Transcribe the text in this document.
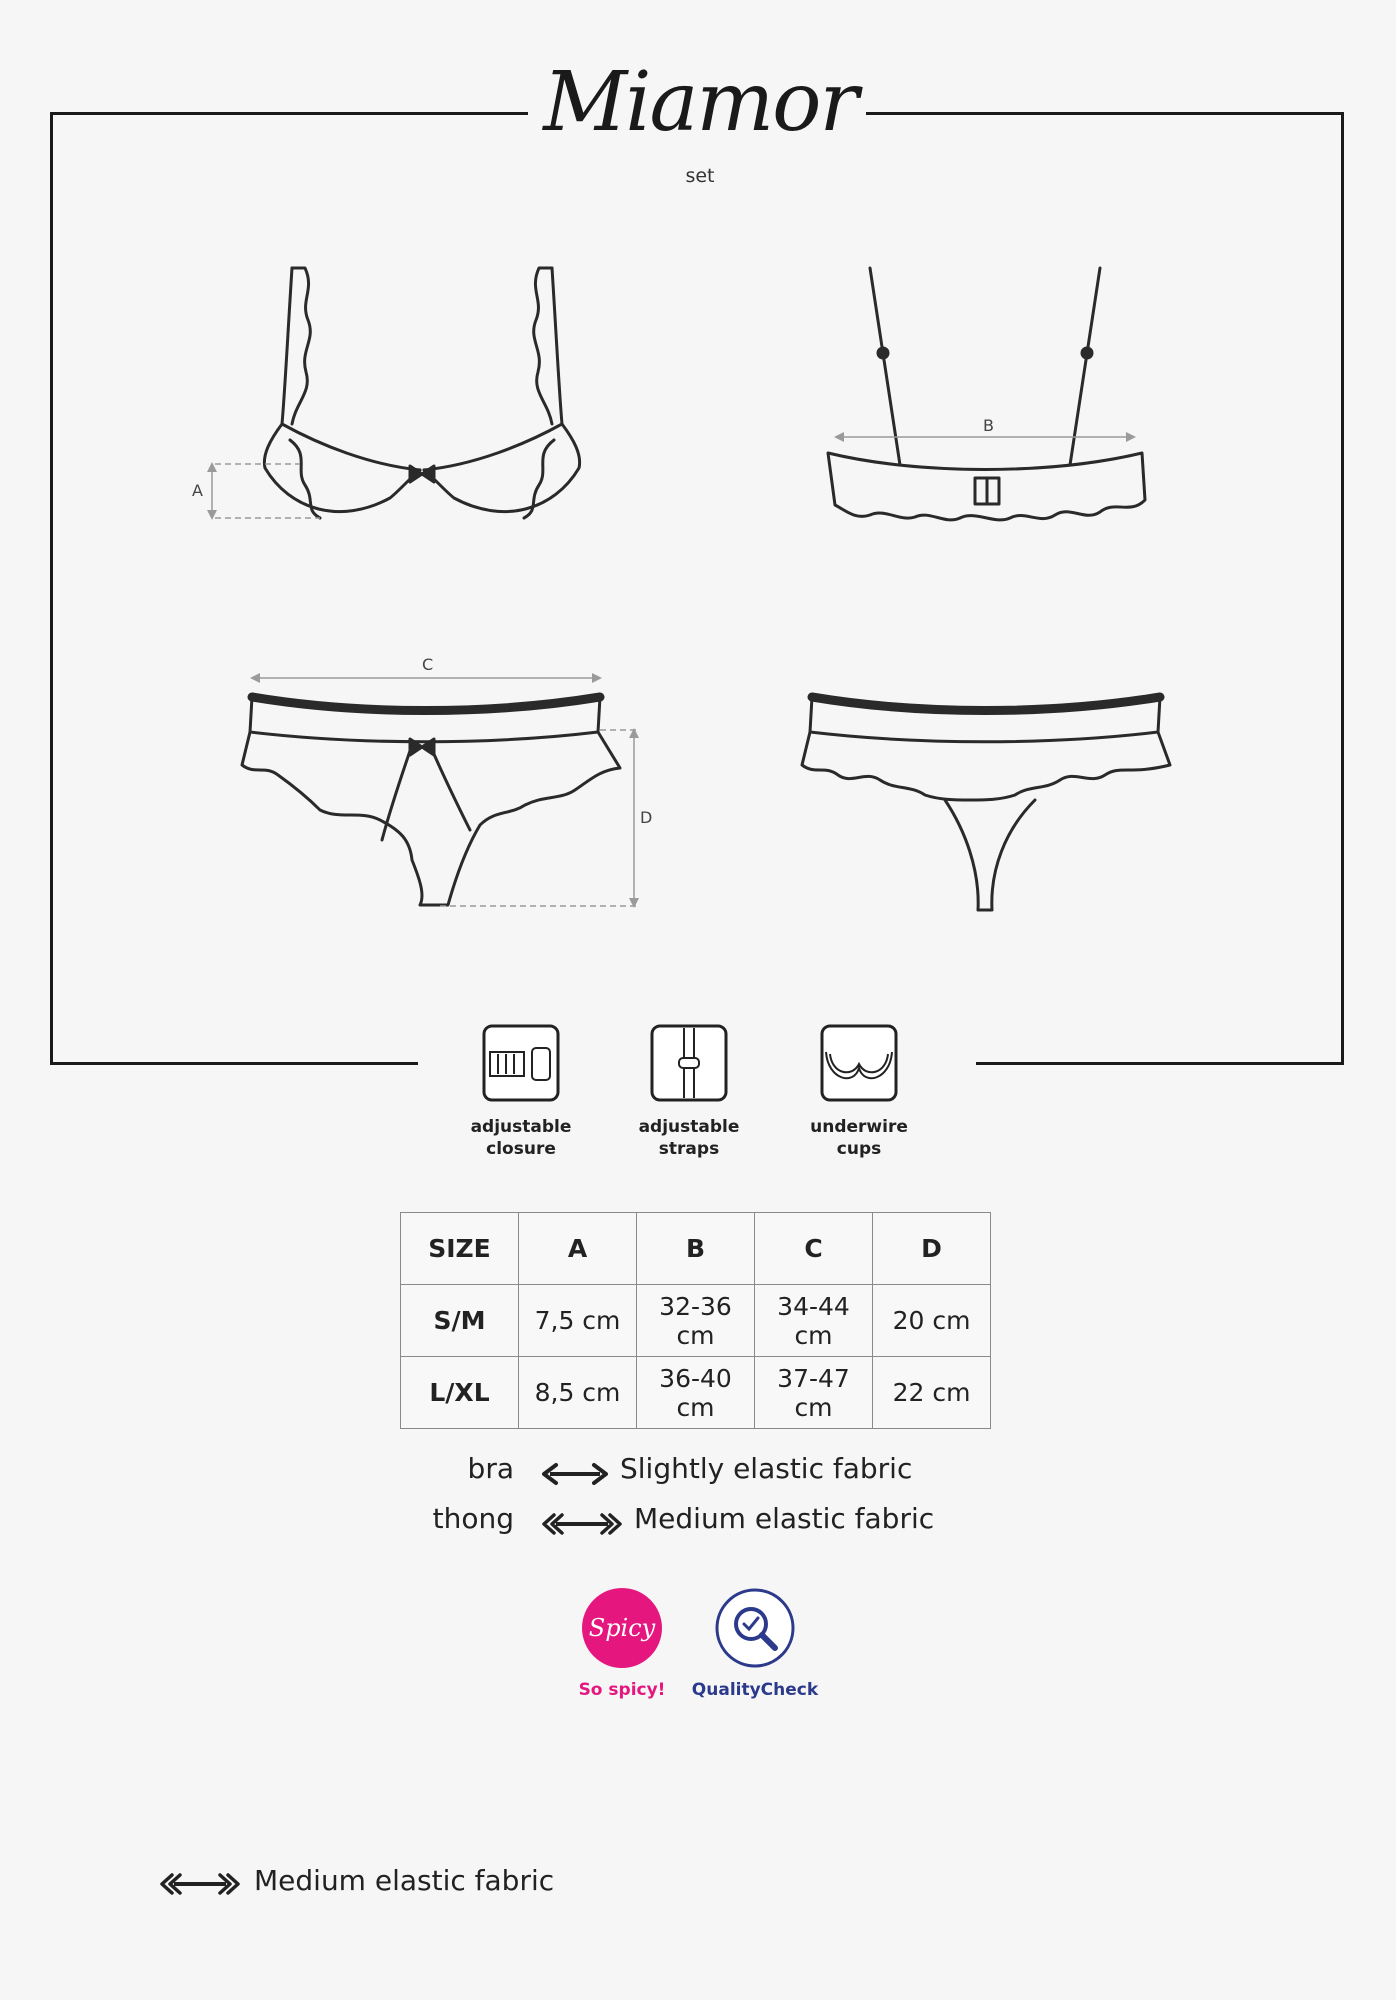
Miamor
set
A
B
C
D
adjustable
closure
adjustable
straps
underwire
cups
SIZE	A	B	C	D
S/M	7,5 cm	32-36 cm	34-44 cm	20 cm
L/XL	8,5 cm	36-40 cm	37-47 cm	22 cm
bra	Slightly elastic fabric
thong	Medium elastic fabric
Spicy
So spicy!	QualityCheck
Medium elastic fabric
